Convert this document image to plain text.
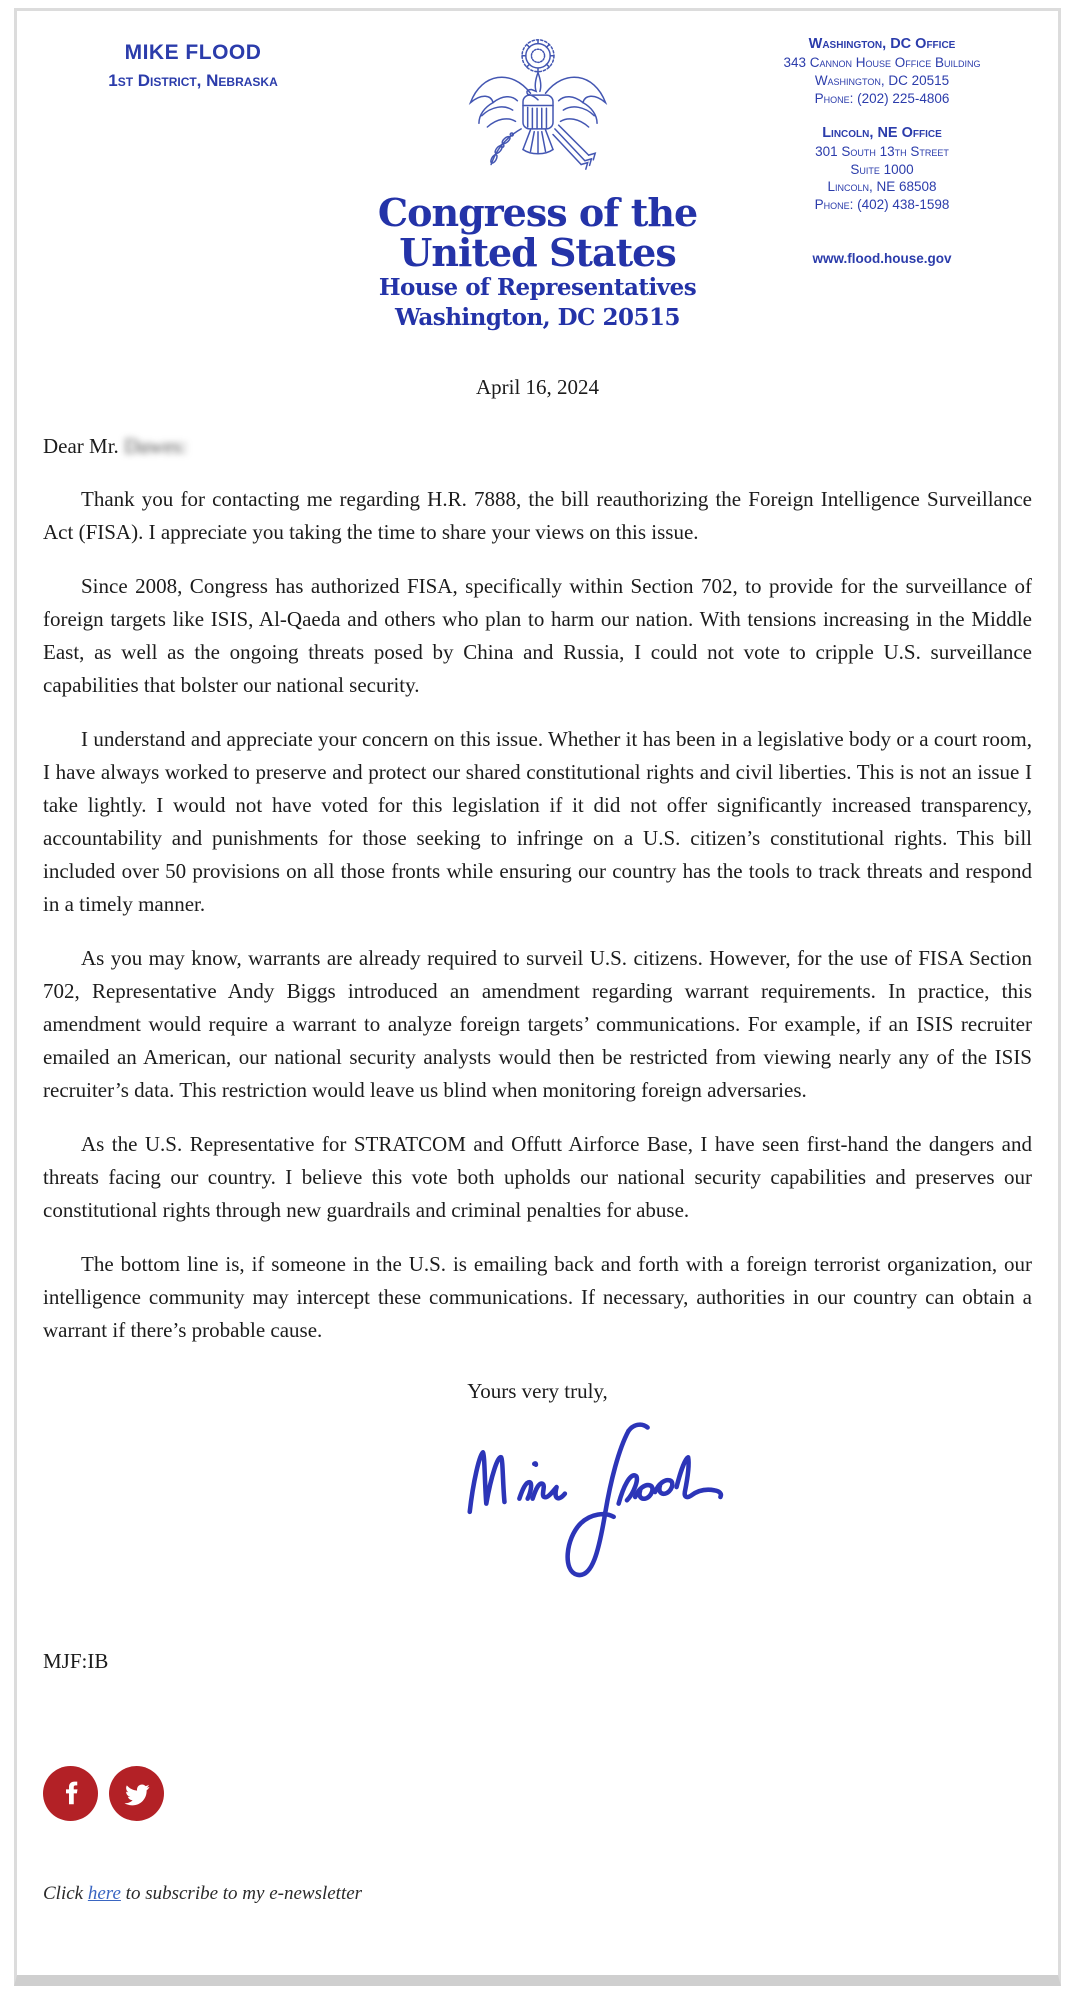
MIKE FLOOD
1st District, Nebraska
Congress of the United States
House of Representatives
Washington, DC 20515
Washington, DC Office
343 Cannon House Office Building
Washington, DC 20515
Phone: (202) 225-4806
Lincoln, NE Office
301 South 13th Street
Suite 1000
Lincoln, NE 68508
Phone: (402) 438-1598
www.flood.house.gov
April 16, 2024
Dear Mr. Dawes:

Thank you for contacting me regarding H.R. 7888, the bill reauthorizing the Foreign Intelligence Surveillance Act (FISA). I appreciate you taking the time to share your views on this issue.

Since 2008, Congress has authorized FISA, specifically within Section 702, to provide for the surveillance of foreign targets like ISIS, Al-Qaeda and others who plan to harm our nation. With tensions increasing in the Middle East, as well as the ongoing threats posed by China and Russia, I could not vote to cripple U.S. surveillance capabilities that bolster our national security.

I understand and appreciate your concern on this issue. Whether it has been in a legislative body or a court room, I have always worked to preserve and protect our shared constitutional rights and civil liberties. This is not an issue I take lightly. I would not have voted for this legislation if it did not offer significantly increased transparency, accountability and punishments for those seeking to infringe on a U.S. citizen’s constitutional rights. This bill included over 50 provisions on all those fronts while ensuring our country has the tools to track threats and respond in a timely manner.

As you may know, warrants are already required to surveil U.S. citizens. However, for the use of FISA Section 702, Representative Andy Biggs introduced an amendment regarding warrant requirements. In practice, this amendment would require a warrant to analyze foreign targets’ communications. For example, if an ISIS recruiter emailed an American, our national security analysts would then be restricted from viewing nearly any of the ISIS recruiter’s data. This restriction would leave us blind when monitoring foreign adversaries.

As the U.S. Representative for STRATCOM and Offutt Airforce Base, I have seen first-hand the dangers and threats facing our country. I believe this vote both upholds our national security capabilities and preserves our constitutional rights through new guardrails and criminal penalties for abuse.

The bottom line is, if someone in the U.S. is emailing back and forth with a foreign terrorist organization, our intelligence community may intercept these communications. If necessary, authorities in our country can obtain a warrant if there’s probable cause.

Yours very truly,
MJF:IB
Click here to subscribe to my e-newsletter
